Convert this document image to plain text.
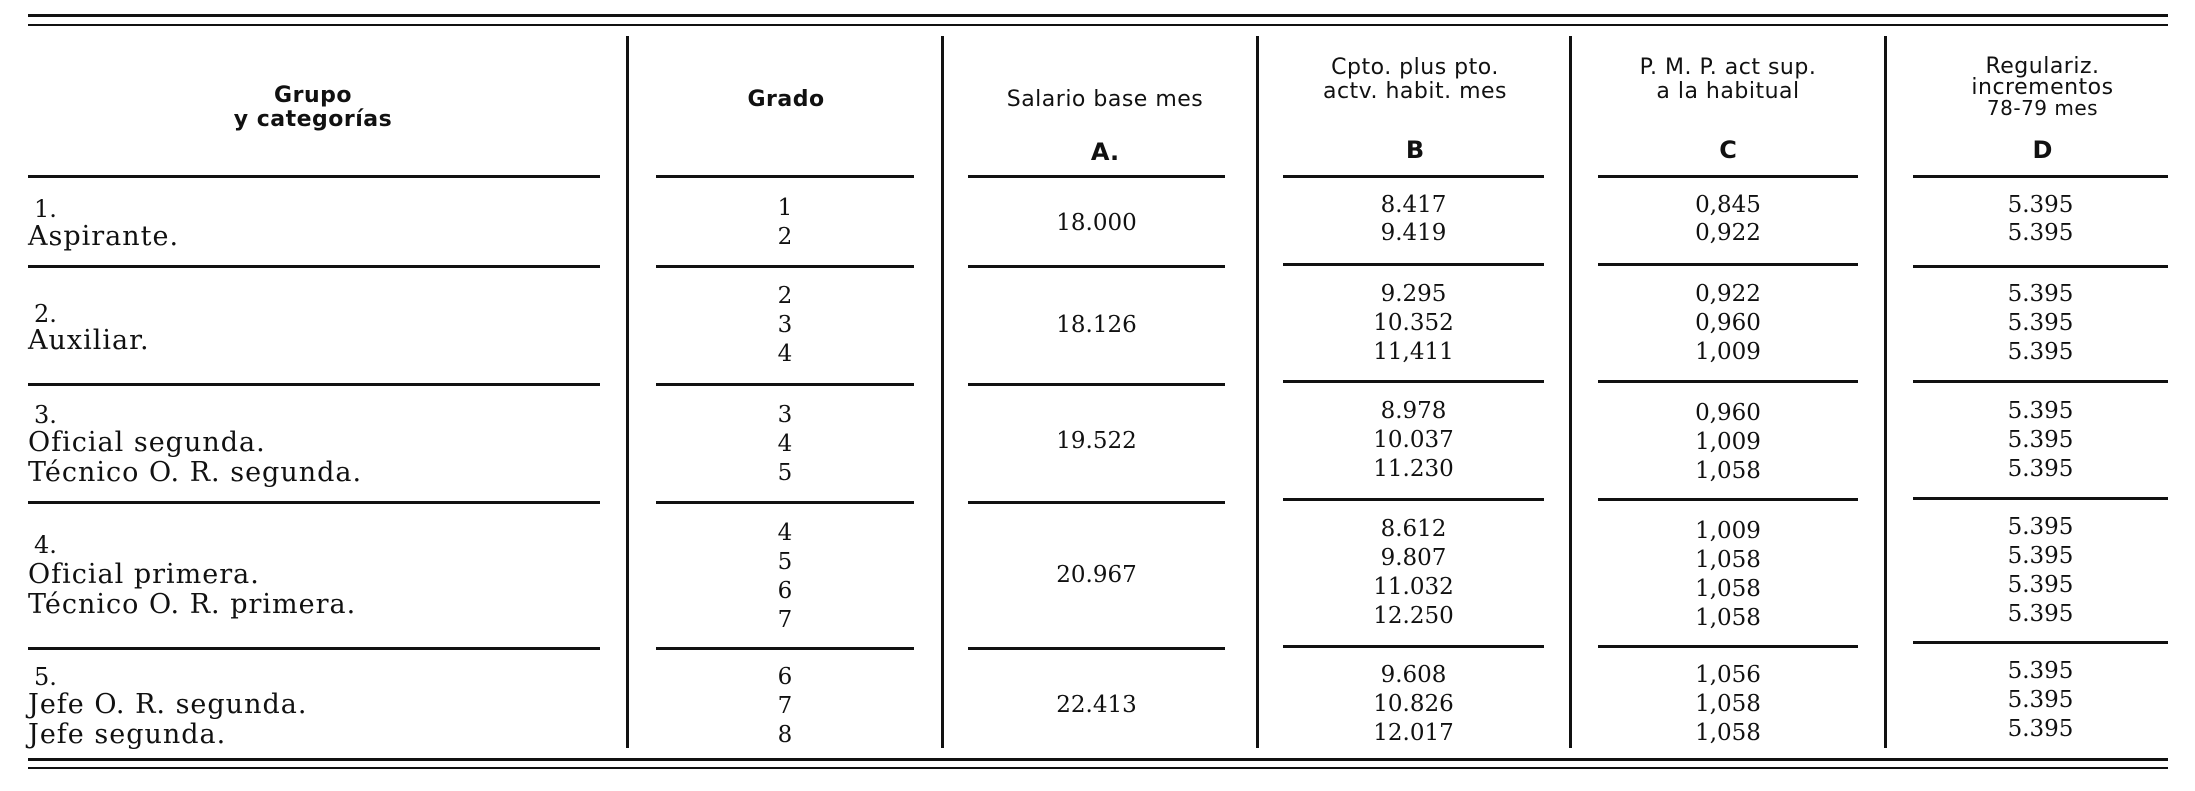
Grupo
y categorías
Grado	Salario base mes
A.
Cpto. plus pto.
actv. habit. mes
B
P. M. P. act sup.
a la habitual
C
Regulariz.
incrementos
78-79 mes
D
1.
Aspirante.
1
2
18.000
8.417
9.419
0,845
0,922
5.395
5.395
2.
Auxiliar.
2
3
4
18.126
9.295
10.352
11,411
0,922
0,960
1,009
5.395
5.395
5.395
3.
Oficial segunda.
Técnico O. R. segunda.
3
4
5
19.522
8.978
10.037
11.230
0,960
1,009
1,058
5.395
5.395
5.395
4.
Oficial primera.
Técnico O. R. primera.
4
5
6
7
20.967
8.612
9.807
11.032
12.250
1,009
1,058
1,058
1,058
5.395
5.395
5.395
5.395
5.
Jefe O. R. segunda.
Jefe segunda.
6
7
8
22.413
9.608
10.826
12.017
1,056
1,058
1,058
5.395
5.395
5.395
